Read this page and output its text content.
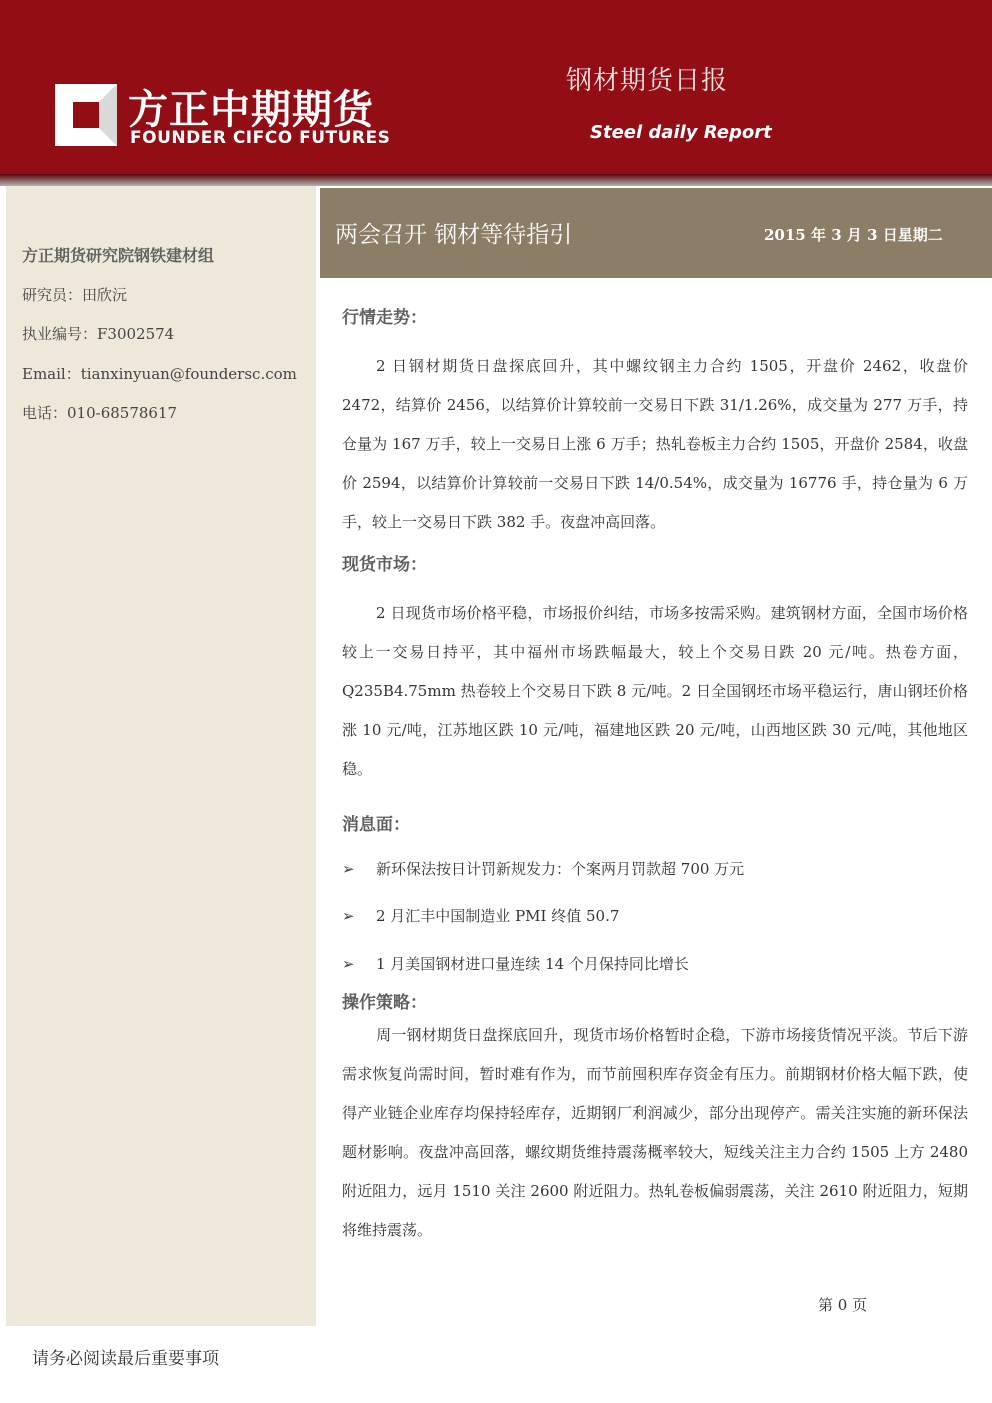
方正中期期货
FOUNDER CIFCO FUTURES
钢材期货日报
Steel daily Report
方正期货研究院钢铁建材组
研究员：田欣沅
执业编号：F3002574
Email：tianxinyuan@foundersc.com
电话：010-68578617
两会召开 钢材等待指引	2015 年 3 月 3 日星期二
行情走势：
2 日钢材期货日盘探底回升，其中螺纹钢主力合约 1505，开盘价 2462，收盘价 2472，结算价 2456，以结算价计算较前一交易日下跌 31/1.26%，成交量为 277 万手，持仓量为 167 万手，较上一交易日上涨 6 万手；热轧卷板主力合约 1505，开盘价 2584，收盘价 2594，以结算价计算较前一交易日下跌 14/0.54%，成交量为 16776 手，持仓量为 6 万手，较上一交易日下跌 382 手。夜盘冲高回落。
现货市场：
2 日现货市场价格平稳，市场报价纠结，市场多按需采购。建筑钢材方面，全国市场价格较上一交易日持平，其中福州市场跌幅最大，较上个交易日跌 20 元/吨。热卷方面，Q235B4.75mm 热卷较上个交易日下跌 8 元/吨。2 日全国钢坯市场平稳运行，唐山钢坯价格涨 10 元/吨，江苏地区跌 10 元/吨，福建地区跌 20 元/吨，山西地区跌 30 元/吨，其他地区稳。
消息面：
➢ 新环保法按日计罚新规发力：个案两月罚款超 700 万元
➢ 2 月汇丰中国制造业 PMI 终值 50.7
➢ 1 月美国钢材进口量连续 14 个月保持同比增长
操作策略：
周一钢材期货日盘探底回升，现货市场价格暂时企稳，下游市场接货情况平淡。节后下游需求恢复尚需时间，暂时难有作为，而节前囤积库存资金有压力。前期钢材价格大幅下跌，使得产业链企业库存均保持轻库存，近期钢厂利润减少，部分出现停产。需关注实施的新环保法题材影响。夜盘冲高回落，螺纹期货维持震荡概率较大，短线关注主力合约 1505 上方 2480 附近阻力，远月 1510 关注 2600 附近阻力。热轧卷板偏弱震荡，关注 2610 附近阻力，短期将维持震荡。
第 0 页
请务必阅读最后重要事项
